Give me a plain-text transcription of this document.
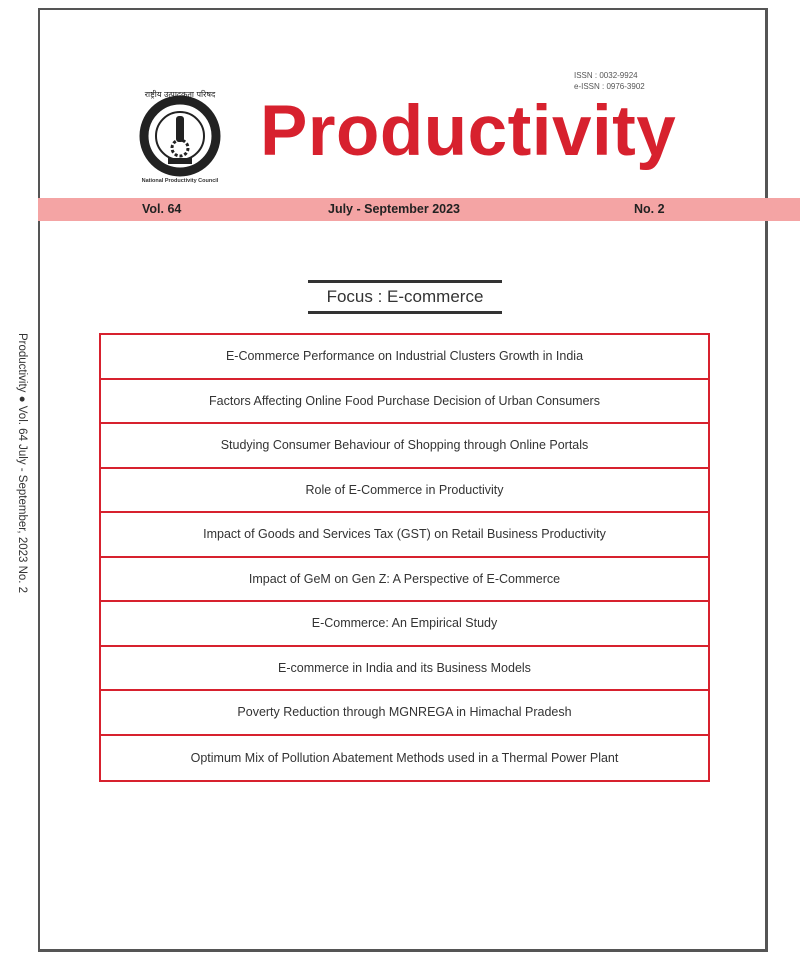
Productivity ● Vol. 64 July - September, 2023 No. 2
राष्ट्रीय उत्पादकता परिषद
National Productivity Council
ISSN : 0032-9924
e-ISSN : 0976-3902
Productivity
Vol. 64	July - September 2023	No. 2
Focus : E-commerce
E-Commerce Performance on Industrial Clusters Growth in India
Factors Affecting Online Food Purchase Decision of Urban Consumers
Studying Consumer Behaviour of Shopping through Online Portals
Role of E-Commerce in Productivity
Impact of Goods and Services Tax (GST) on Retail Business Productivity
Impact of GeM on Gen Z: A Perspective of E-Commerce
E-Commerce: An Empirical Study
E-commerce in India and its Business Models
Poverty Reduction through MGNREGA in Himachal Pradesh
Optimum Mix of Pollution Abatement Methods used in a Thermal Power Plant
